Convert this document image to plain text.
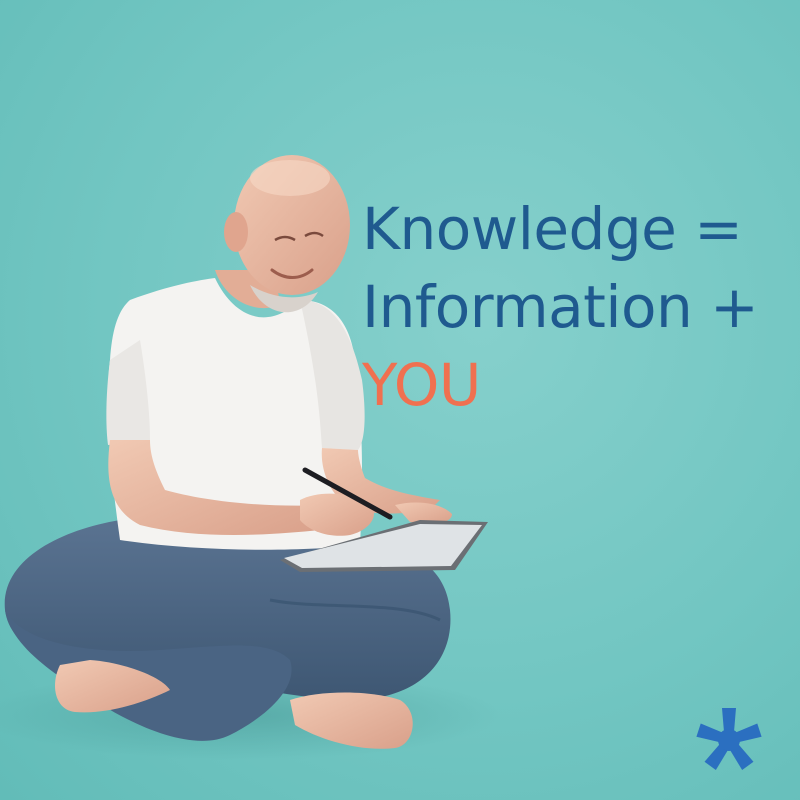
Knowledge =
Information +
YOU
